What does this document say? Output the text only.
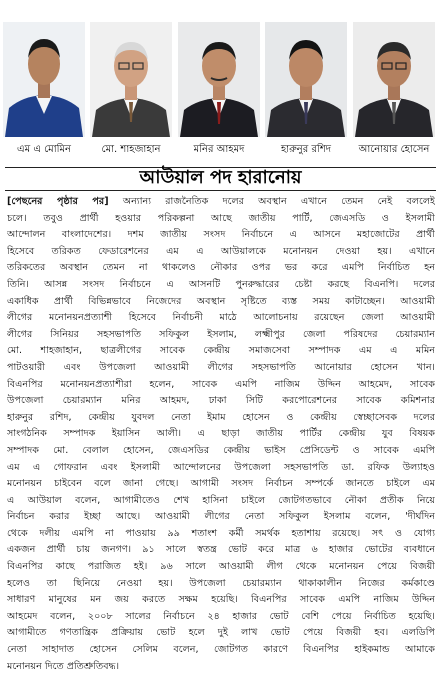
এম এ মোমিন	মো. শাহজাহান	মনির আহমদ	হারুনুর রশিদ	আনোয়ার হোসেন
আউয়াল পদ হারানোয়
[পেছনের পৃষ্ঠার পর] অন্যান্য রাজনৈতিক দলের অবস্থান এখানে তেমন নেই বললেই
চলে। তবুও প্রার্থী হওয়ার পরিকল্পনা আছে জাতীয় পার্টি, জেএসডি ও ইসলামী
আন্দোলন বাংলাদেশের। দশম জাতীয় সংসদ নির্বাচনে এ আসনে মহাজোটের প্রার্থী
হিসেবে তরিকত ফেডারেশনের এম এ আউয়ালকে মনোনয়ন দেওয়া হয়। এখানে
তরিকতের অবস্থান তেমন না থাকলেও নৌকার ওপর ভর করে এমপি নির্বাচিত হন
তিনি। আসন্ন সংসদ নির্বাচনে এ আসনটি পুনরুদ্ধারের চেষ্টা করছে বিএনপি। দলের
একাধিক প্রার্থী বিভিন্নভাবে নিজেদের অবস্থান সৃষ্টিতে ব্যস্ত সময় কাটাচ্ছেন। আওয়ামী
লীগের মনোনয়নপ্রত্যাশী হিসেবে নির্বাচনী মাঠে আলোচনায় রয়েছেন জেলা আওয়ামী
লীগের সিনিয়র সহসভাপতি সফিকুল ইসলাম, লক্ষ্মীপুর জেলা পরিষদের চেয়ারম্যান
মো. শাহজাহান, ছাত্রলীগের সাবেক কেন্দ্রীয় সমাজসেবা সম্পাদক এম এ মমিন
পাটওয়ারী এবং উপজেলা আওয়ামী লীগের সহসভাপতি আনোয়ার হোসেন খান।
বিএনপির মনোনয়নপ্রত্যাশীরা হলেন, সাবেক এমপি নাজিম উদ্দিন আহমেদ, সাবেক
উপজেলা চেয়ারম্যান মনির আহমদ, ঢাকা সিটি করপোরেশনের সাবেক কমিশনার
হারুনুর রশিদ, কেন্দ্রীয় যুবদল নেতা ইমাম হোসেন ও কেন্দ্রীয় স্বেচ্ছাসেবক দলের
সাংগঠনিক সম্পাদক ইয়াসিন আলী। এ ছাড়া জাতীয় পার্টির কেন্দ্রীয় যুব বিষয়ক
সম্পাদক মো. বেলাল হোসেন, জেএসডির কেন্দ্রীয় ভাইস প্রেসিডেন্ট ও সাবেক এমপি
এম এ গোফরান এবং ইসলামী আন্দোলনের উপজেলা সহসভাপতি ডা. রফিক উল্যাহও
মনোনয়ন চাইবেন বলে জানা গেছে। আগামী সংসদ নির্বাচন সম্পর্কে জানতে চাইলে এম
এ আউয়াল বলেন, আগামীতেও শেখ হাসিনা চাইলে জোটগতভাবে নৌকা প্রতীক নিয়ে
নির্বাচন করার ইচ্ছা আছে। আওয়ামী লীগের নেতা সফিকুল ইসলাম বলেন, 'দীর্ঘদিন
থেকে দলীয় এমপি না পাওয়ায় ৯৯ শতাংশ কর্মী সমর্থক হতাশায় রয়েছে। সৎ ও যোগ্য
একজন প্রার্থী চায় জনগণ। ৯১ সালে স্বতন্ত্র ভোট করে মাত্র ৬ হাজার ভোটের ব্যবধানে
বিএনপির কাছে পরাজিত হই। ৯৬ সালে আওয়ামী লীগ থেকে মনোনয়ন পেয়ে বিজয়ী
হলেও তা ছিনিয়ে নেওয়া হয়। উপজেলা চেয়ারম্যান থাকাকালীন নিজের কর্মকাণ্ডে
সাধারণ মানুষের মন জয় করতে সক্ষম হয়েছি। বিএনপির সাবেক এমপি নাজিম উদ্দিন
আহমেদ বলেন, ২০০৮ সালের নির্বাচনে ২৪ হাজার ভোট বেশি পেয়ে নির্বাচিত হয়েছি।
আগামীতে গণতান্ত্রিক প্রক্রিয়ায় ভোট হলে দুই লাখ ভোট পেয়ে বিজয়ী হব। এলডিপি
নেতা সাহাদাত হোসেন সেলিম বলেন, জোটগত কারণে বিএনপির হাইকমান্ড আমাকে
মনোনয়ন দিতে প্রতিশ্রুতিবদ্ধ।
